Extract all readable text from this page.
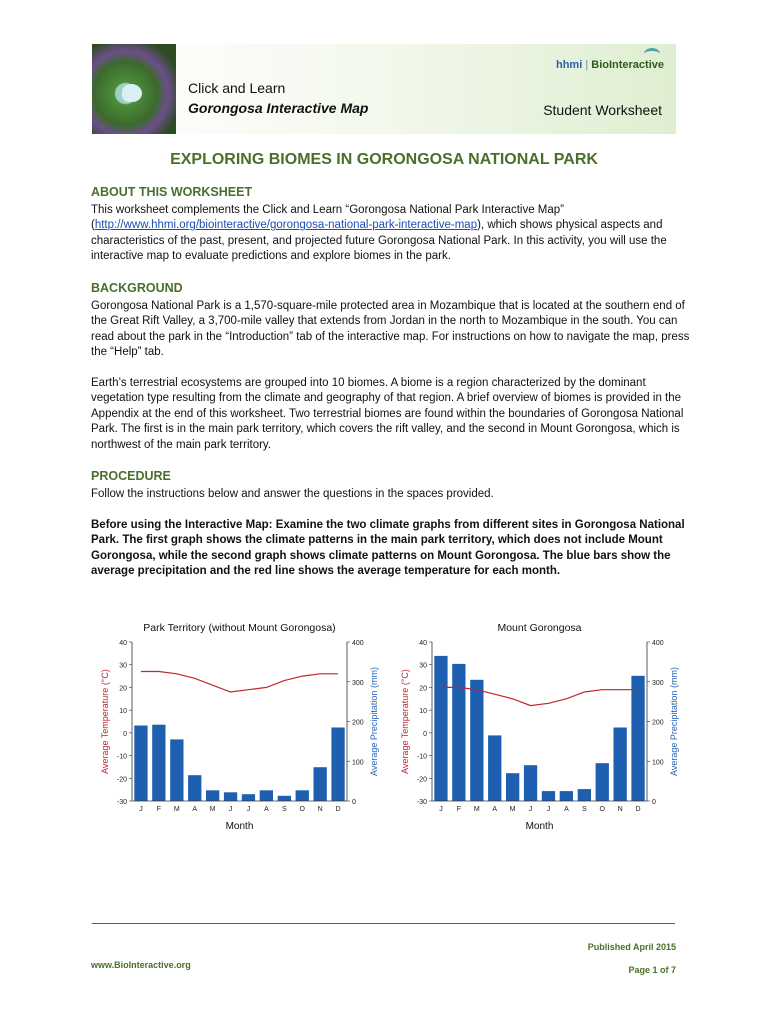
Click and Learn
Gorongosa Interactive Map	Student Worksheet
hhmi | BioInteractive
EXPLORING BIOMES IN GORONGOSA NATIONAL PARK
ABOUT THIS WORKSHEET

This worksheet complements the Click and Learn “Gorongosa National Park Interactive Map” (http://www.hhmi.org/biointeractive/gorongosa-national-park-interactive-map), which shows physical aspects and characteristics of the past, present, and projected future Gorongosa National Park. In this activity, you will use the interactive map to evaluate predictions and explore biomes in the park.

BACKGROUND

Gorongosa National Park is a 1,570-square-mile protected area in Mozambique that is located at the southern end of the Great Rift Valley, a 3,700-mile valley that extends from Jordan in the north to Mozambique in the south. You can read about the park in the “Introduction” tab of the interactive map. For instructions on how to navigate the map, press the “Help” tab.

Earth’s terrestrial ecosystems are grouped into 10 biomes. A biome is a region characterized by the dominant vegetation type resulting from the climate and geography of that region. A brief overview of biomes is provided in the Appendix at the end of this worksheet. Two terrestrial biomes are found within the boundaries of Gorongosa National Park. The first is in the main park territory, which covers the rift valley, and the second in Mount Gorongosa, which is northwest of the main park territory.

PROCEDURE

Follow the instructions below and answer the questions in the spaces provided.

Before using the Interactive Map: Examine the two climate graphs from different sites in Gorongosa National Park. The first graph shows the climate patterns in the main park territory, which does not include Mount Gorongosa, while the second graph shows climate patterns on Mount Gorongosa. The blue bars show the average precipitation and the red line shows the average temperature for each month.

Park Territory (without Mount Gorongosa)
40
30
20
10
0
-10
-20
-30
400
300
200
100
0
J F M A M J J A S O N D
Month
Average Temperature (°C)	Average Precipitation (mm)
Mount Gorongosa
40
30
20
10
0
-10
-20
-30
400
300
200
100
0
J F M A M J J A S O N D
Month
Average Temperature (°C)	Average Precipitation (mm)
Published April 2015
www.BioInteractive.org	Page 1 of 7
